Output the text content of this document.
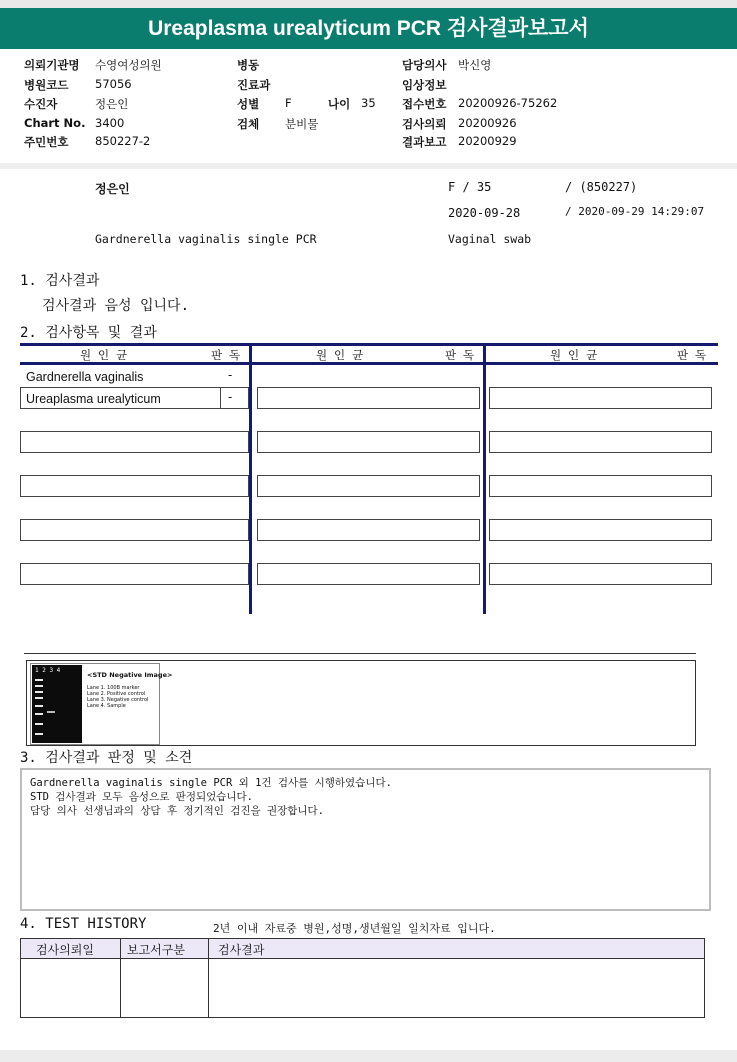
Ureaplasma urealyticum PCR 검사결과보고서
의뢰기관명 수영여성의원
병원코드 57056
수진자	정은인
Chart No. 3400
주민번호 850227-2
병동
진료과
성별 F	나이 35
검체 분비물
담당의사 박신영
임상정보
접수번호 20200926-75262
검사의뢰 20200926
결과보고 20200929
정은인	F / 35	/ (850227)
2020-09-28	/ 2020-09-29 14:29:07
Gardnerella vaginalis single PCR	Vaginal swab
1. 검사결과
검사결과 음성 입니다.
2. 검사항목 및 결과
원 인 균	판 독	원 인 균	판 독	원 인 균	판 독
Gardnerella vaginalis	-
Ureaplasma urealyticum	-
1 2 3 4
<STD Negative Image>
Lane 1. 100B marker
Lane 2. Positive control
Lane 3. Negative control
Lane 4. Sample
3. 검사결과 판정 및 소견
Gardnerella vaginalis single PCR 외 1건 검사를 시행하였습니다.
STD 검사결과 모두 음성으로 판정되었습니다.
담당 의사 선생님과의 상담 후 정기적인 검진을 권장합니다.
4. TEST HISTORY	2년 이내 자료중 병원,성명,생년월일 일치자료 입니다.
검사의뢰일	보고서구분	검사결과
